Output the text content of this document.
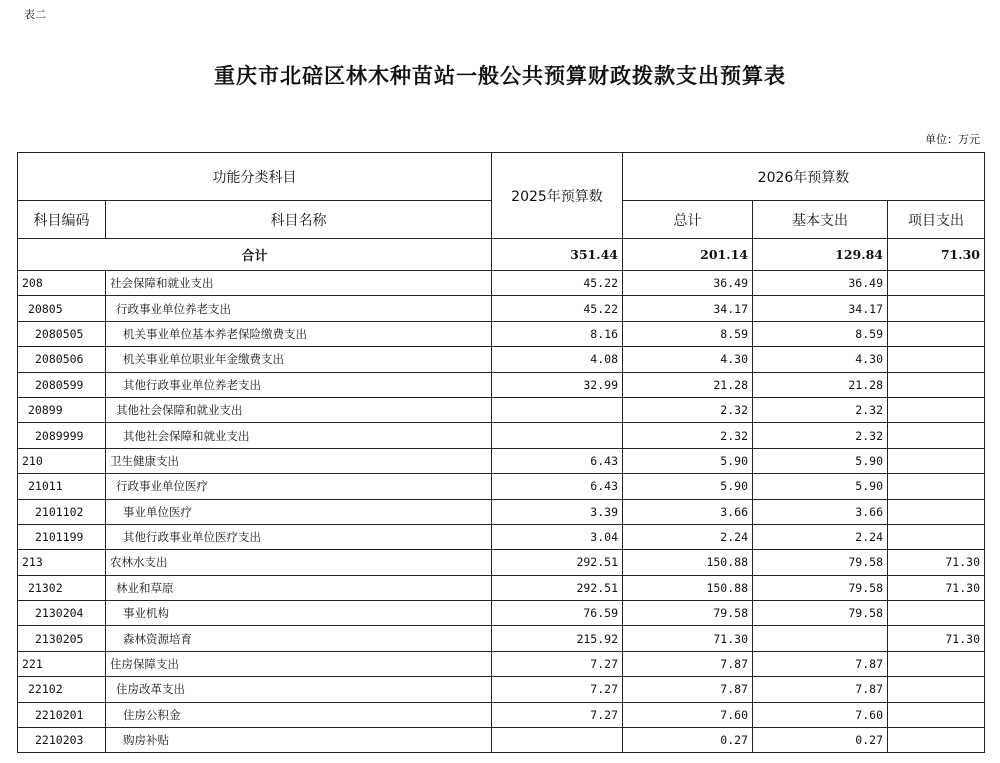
表二
重庆市北碚区林木种苗站一般公共预算财政拨款支出预算表
单位：万元
功能分类科目		2025年预算数	2026年预算数		
科目编码	科目名称		总计	基本支出	项目支出
合计		351.44	201.14	129.84	71.30
208	社会保障和就业支出	45.22	36.49	36.49	
20805	行政事业单位养老支出	45.22	34.17	34.17	
2080505	机关事业单位基本养老保险缴费支出	8.16	8.59	8.59	
2080506	机关事业单位职业年金缴费支出	4.08	4.30	4.30	
2080599	其他行政事业单位养老支出	32.99	21.28	21.28	
20899	其他社会保障和就业支出		2.32	2.32	
2089999	其他社会保障和就业支出		2.32	2.32	
210	卫生健康支出	6.43	5.90	5.90	
21011	行政事业单位医疗	6.43	5.90	5.90	
2101102	事业单位医疗	3.39	3.66	3.66	
2101199	其他行政事业单位医疗支出	3.04	2.24	2.24	
213	农林水支出	292.51	150.88	79.58	71.30
21302	林业和草原	292.51	150.88	79.58	71.30
2130204	事业机构	76.59	79.58	79.58	
2130205	森林资源培育	215.92	71.30		71.30
221	住房保障支出	7.27	7.87	7.87	
22102	住房改革支出	7.27	7.87	7.87	
2210201	住房公积金	7.27	7.60	7.60	
2210203	购房补贴		0.27	0.27	
